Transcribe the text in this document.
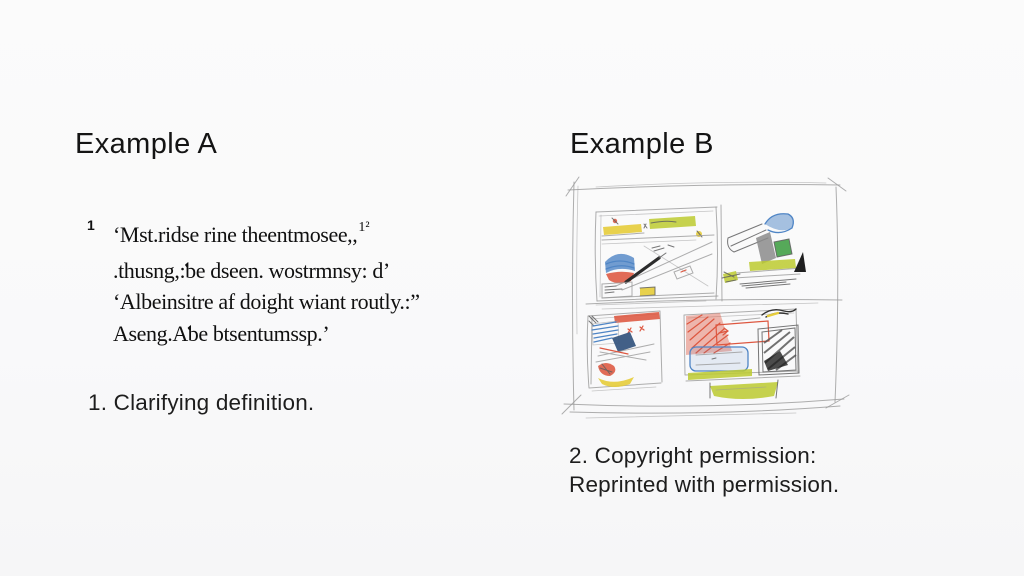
Example A
1 ‘Mst.ridse rine theentmosee,,$^{1^2}$
.thusng,:ƅe dseen. wostrmnsy: d’
‘Albeinsitre af doight wiant routly.:”
Aseng.Aƅe btsentumssp.’

1. Clarifying definition.

Example B

2. Copyright permission: Reprinted with permission.
